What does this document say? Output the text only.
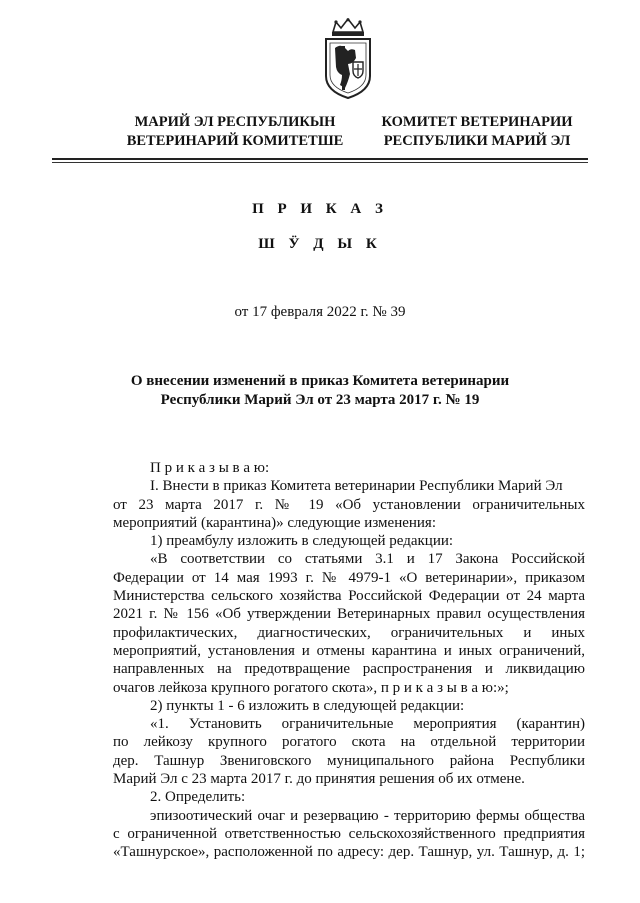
МАРИЙ ЭЛ РЕСПУБЛИКЫН
ВЕТЕРИНАРИЙ КОМИТЕТШЕ
КОМИТЕТ ВЕТЕРИНАРИИ
РЕСПУБЛИКИ МАРИЙ ЭЛ
П Р И К А З
Ш Ӱ Д Ы К
от 17 февраля 2022 г. № 39
О внесении изменений в приказ Комитета ветеринарии
Республики Марий Эл от 23 марта 2017 г. № 19
П р и к а з ы в а ю:
I. Внести в приказ Комитета ветеринарии Республики Марий Эл
от 23 марта 2017 г. № 19 «Об установлении ограничительных
мероприятий (карантина)» следующие изменения:
1) преамбулу изложить в следующей редакции:
«В соответствии со статьями 3.1 и 17 Закона Российской
Федерации от 14 мая 1993 г. № 4979-1 «О ветеринарии», приказом
Министерства сельского хозяйства Российской Федерации от 24 марта
2021 г. № 156 «Об утверждении Ветеринарных правил осуществления
профилактических, диагностических, ограничительных и иных
мероприятий, установления и отмены карантина и иных ограничений,
направленных на предотвращение распространения и ликвидацию
очагов лейкоза крупного рогатого скота», п р и к а з ы в а ю:»;
2) пункты 1 - 6 изложить в следующей редакции:
«1. Установить ограничительные мероприятия (карантин)
по лейкозу крупного рогатого скота на отдельной территории
дер. Ташнур Звениговского муниципального района Республики
Марий Эл с 23 марта 2017 г. до принятия решения об их отмене.
2. Определить:
эпизоотический очаг и резервацию - территорию фермы общества
с ограниченной ответственностью сельскохозяйственного предприятия
«Ташнурское», расположенной по адресу: дер. Ташнур, ул. Ташнур, д. 1;
